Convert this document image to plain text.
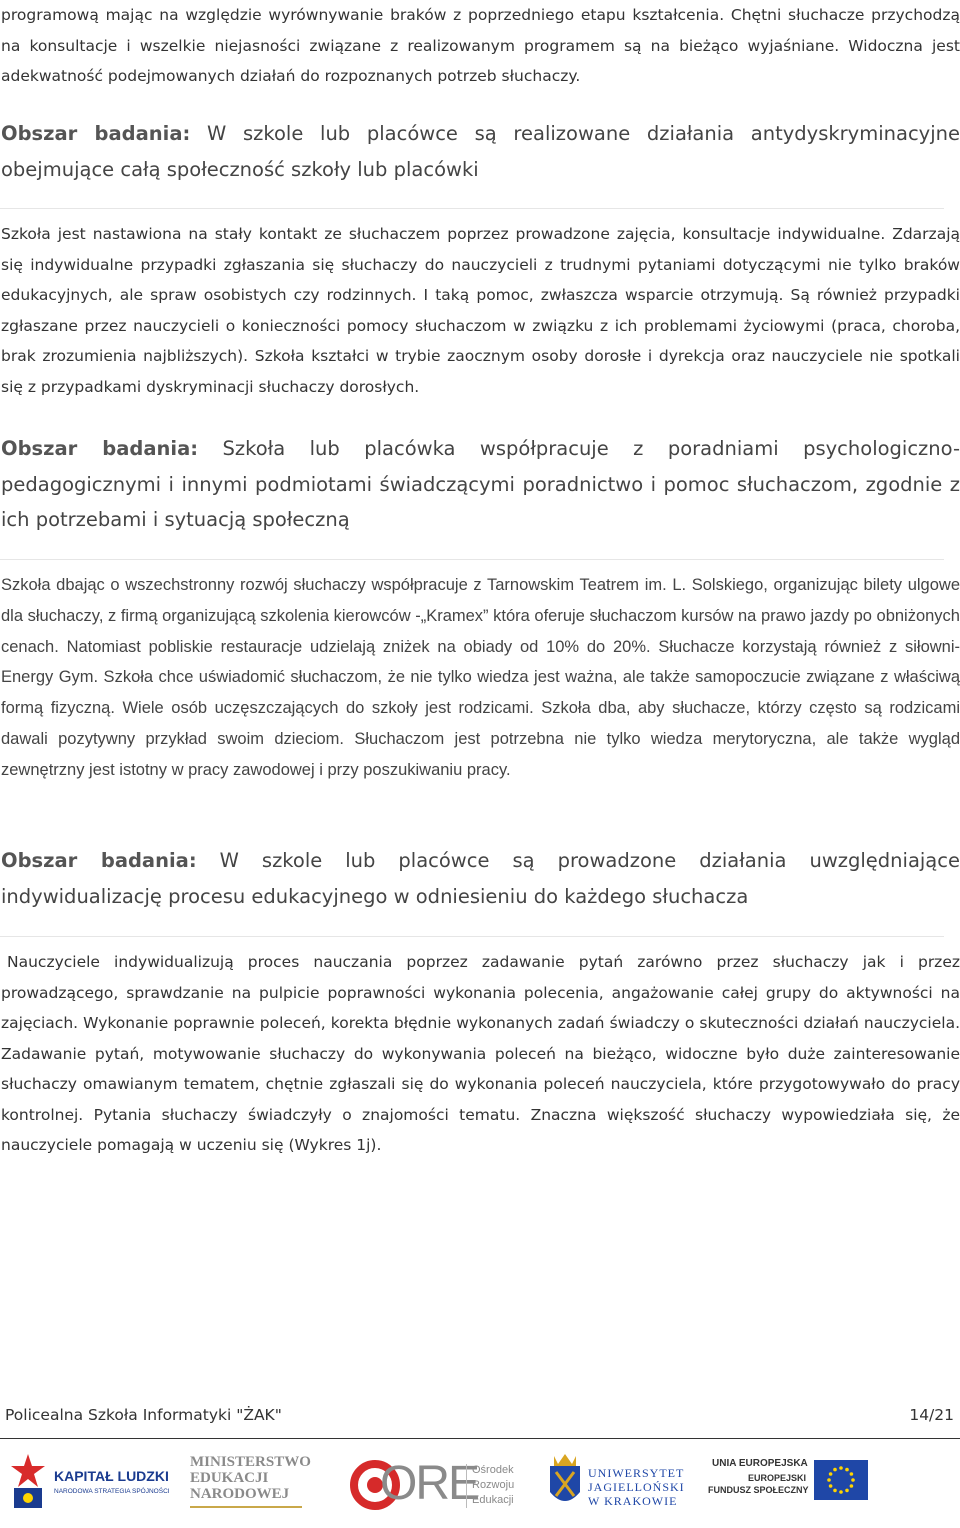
programową mając na względzie wyrównywanie braków z poprzedniego etapu kształcenia. Chętni słuchacze przychodzą na konsultacje i wszelkie niejasności związane z realizowanym programem są na bieżąco wyjaśniane. Widoczna jest adekwatność podejmowanych działań do rozpoznanych potrzeb słuchaczy.
Obszar badania: W szkole lub placówce są realizowane działania antydyskryminacyjne obejmujące całą społeczność szkoły lub placówki
Szkoła jest nastawiona na stały kontakt ze słuchaczem poprzez prowadzone zajęcia, konsultacje indywidualne. Zdarzają się indywidualne przypadki zgłaszania się słuchaczy do nauczycieli z trudnymi pytaniami dotyczącymi nie tylko braków edukacyjnych, ale spraw osobistych czy rodzinnych. I taką pomoc, zwłaszcza wsparcie otrzymują. Są również przypadki zgłaszane przez nauczycieli o konieczności pomocy słuchaczom w związku z ich problemami życiowymi (praca, choroba, brak zrozumienia najbliższych). Szkoła kształci w trybie zaocznym osoby dorosłe i dyrekcja oraz nauczyciele nie spotkali się z przypadkami dyskryminacji słuchaczy dorosłych.
Obszar badania: Szkoła lub placówka współpracuje z poradniami psychologiczno-pedagogicznymi i innymi podmiotami świadczącymi poradnictwo i pomoc słuchaczom, zgodnie z ich potrzebami i sytuacją społeczną
Szkoła dbając o wszechstronny rozwój słuchaczy współpracuje z Tarnowskim Teatrem im. L. Solskiego, organizując bilety ulgowe dla słuchaczy, z firmą organizującą szkolenia kierowców -„Kramex” która oferuje słuchaczom kursów na prawo jazdy po obniżonych cenach. Natomiast pobliskie restauracje udzielają zniżek na obiady od 10% do 20%. Słuchacze korzystają również z siłowni-Energy Gym. Szkoła chce uświadomić słuchaczom, że nie tylko wiedza jest ważna, ale także samopoczucie związane z właściwą formą fizyczną. Wiele osób uczęszczających do szkoły jest rodzicami. Szkoła dba, aby słuchacze, którzy często są rodzicami dawali pozytywny przykład swoim dzieciom. Słuchaczom jest potrzebna nie tylko wiedza merytoryczna, ale także wygląd zewnętrzny jest istotny w pracy zawodowej i przy poszukiwaniu pracy.
Obszar badania: W szkole lub placówce są prowadzone działania uwzględniające indywidualizację procesu edukacyjnego w odniesieniu do każdego słuchacza
Nauczyciele indywidualizują proces nauczania poprzez zadawanie pytań zarówno przez słuchaczy jak i przez prowadzącego, sprawdzanie na pulpicie poprawności wykonania polecenia, angażowanie całej grupy do aktywności na zajęciach. Wykonanie poprawnie poleceń, korekta błędnie wykonanych zadań świadczy o skuteczności działań nauczyciela. Zadawanie pytań, motywowanie słuchaczy do wykonywania poleceń na bieżąco, widoczne było duże zainteresowanie słuchaczy omawianym tematem, chętnie zgłaszali się do wykonania poleceń nauczyciela, które przygotowywało do pracy kontrolnej. Pytania słuchaczy świadczyły o znajomości tematu. Znaczna większość słuchaczy wypowiedziała się, że nauczyciele pomagają w uczeniu się (Wykres 1j).
Policealna Szkoła Informatyki "ŻAK"	14/21
KAPITAŁ LUDZKI
NARODOWA STRATEGIA SPÓJNOŚCI
MINISTERSTWO
EDUKACJI
NARODOWEJ	ORE
Ośrodek
Rozwoju
Edukacji
UNIWERSYTET
JAGIELLOŃSKI
W KRAKOWIE
UNIA EUROPEJSKA
EUROPEJSKI
FUNDUSZ SPOŁECZNY
